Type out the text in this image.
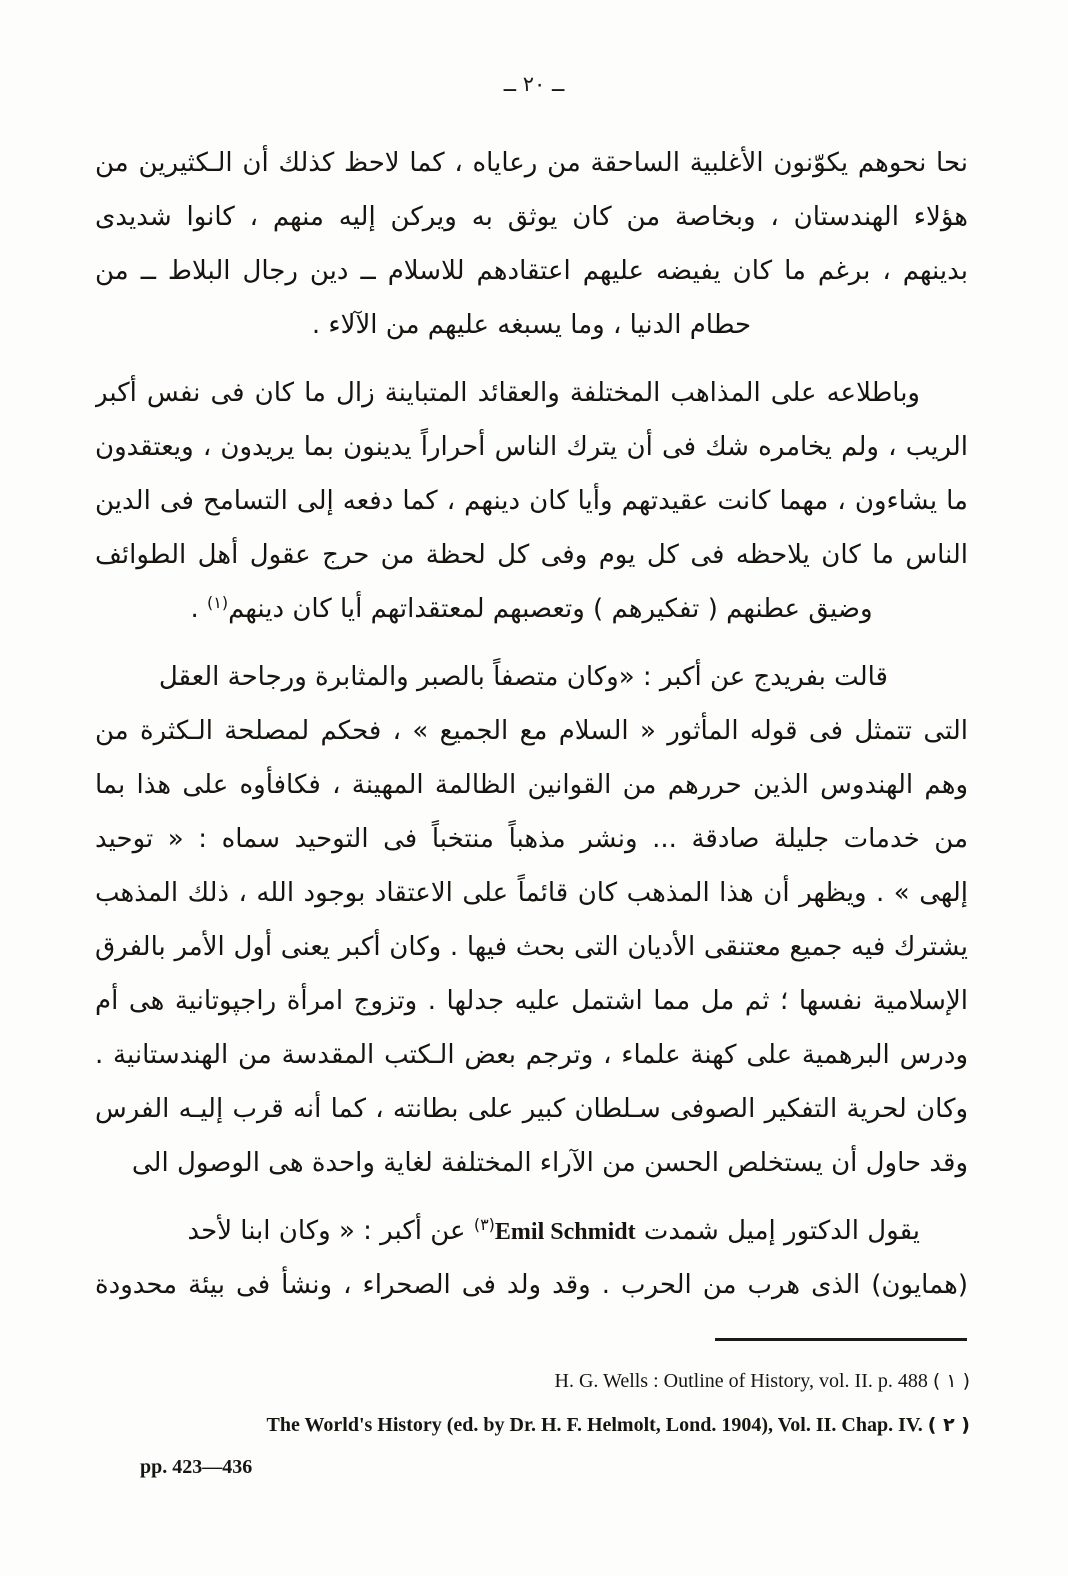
ــ ٢٠ ــ
نحا نحوهم يكوّنون الأغلبية الساحقة من رعاياه ، كما لاحظ كذلك أن الـكثيرين من
هؤلاء الهندستان ، وبخاصة من كان يوثق به ويركن إليه منهم ، كانوا شديدى
بدينهم ، برغم ما كان يفيضه عليهم اعتقادهم للاسلام ــ دين رجال البلاط ــ من
حطام الدنيا ، وما يسبغه عليهم من الآلاء .
وباطلاعه على المذاهب المختلفة والعقائد المتباينة زال ما كان فى نفس أكبر
الريب ، ولم يخامره شك فى أن يترك الناس أحراراً يدينون بما يريدون ، ويعتقدون
ما يشاءون ، مهما كانت عقيدتهم وأيا كان دينهم ، كما دفعه إلى التسامح فى الدين
الناس ما كان يلاحظه فى كل يوم وفى كل لحظة من حرج عقول أهل الطوائف
وضيق عطنهم ( تفكيرهم ) وتعصبهم لمعتقداتهم أيا كان دينهم$^{(١)}$ .
قالت بفريدج عن أكبر : «وكان متصفاً بالصبر والمثابرة ورجاحة العقل
التى تتمثل فى قوله المأثور « السلام مع الجميع » ، فحكم لمصلحة الـكثرة من
وهم الهندوس الذين حررهم من القوانين الظالمة المهينة ، فكافأوه على هذا بما
من خدمات جليلة صادقة ... ونشر مذهباً منتخباً فى التوحيد سماه : « توحيد
إلهى » . ويظهر أن هذا المذهب كان قائماً على الاعتقاد بوجود الله ، ذلك المذهب
يشترك فيه جميع معتنقى الأديان التى بحث فيها . وكان أكبر يعنى أول الأمر بالفرق
الإسلامية نفسها ؛ ثم مل مما اشتمل عليه جدلها . وتزوج امرأة راجپوتانية هى أم
ودرس البرهمية على كهنة علماء ، وترجم بعض الـكتب المقدسة من الهندستانية .
وكان لحرية التفكير الصوفى سـلطان كبير على بطانته ، كما أنه قرب إليـه الفرس
وقد حاول أن يستخلص الحسن من الآراء المختلفة لغاية واحدة هى الوصول الى
يقول الدكتور إميل شمدت Emil Schmidt$^{(٣)}$ عن أكبر : « وكان ابنا لأحد
(همايون) الذى هرب من الحرب . وقد ولد فى الصحراء ، ونشأ فى بيئة محدودة
( ١ ) H. G. Wells : Outline of History, vol. II. p. 488
( ٢ ) The World's History (ed. by Dr. H. F. Helmolt, Lond. 1904), Vol. II. Chap. IV.
pp. 423—436
